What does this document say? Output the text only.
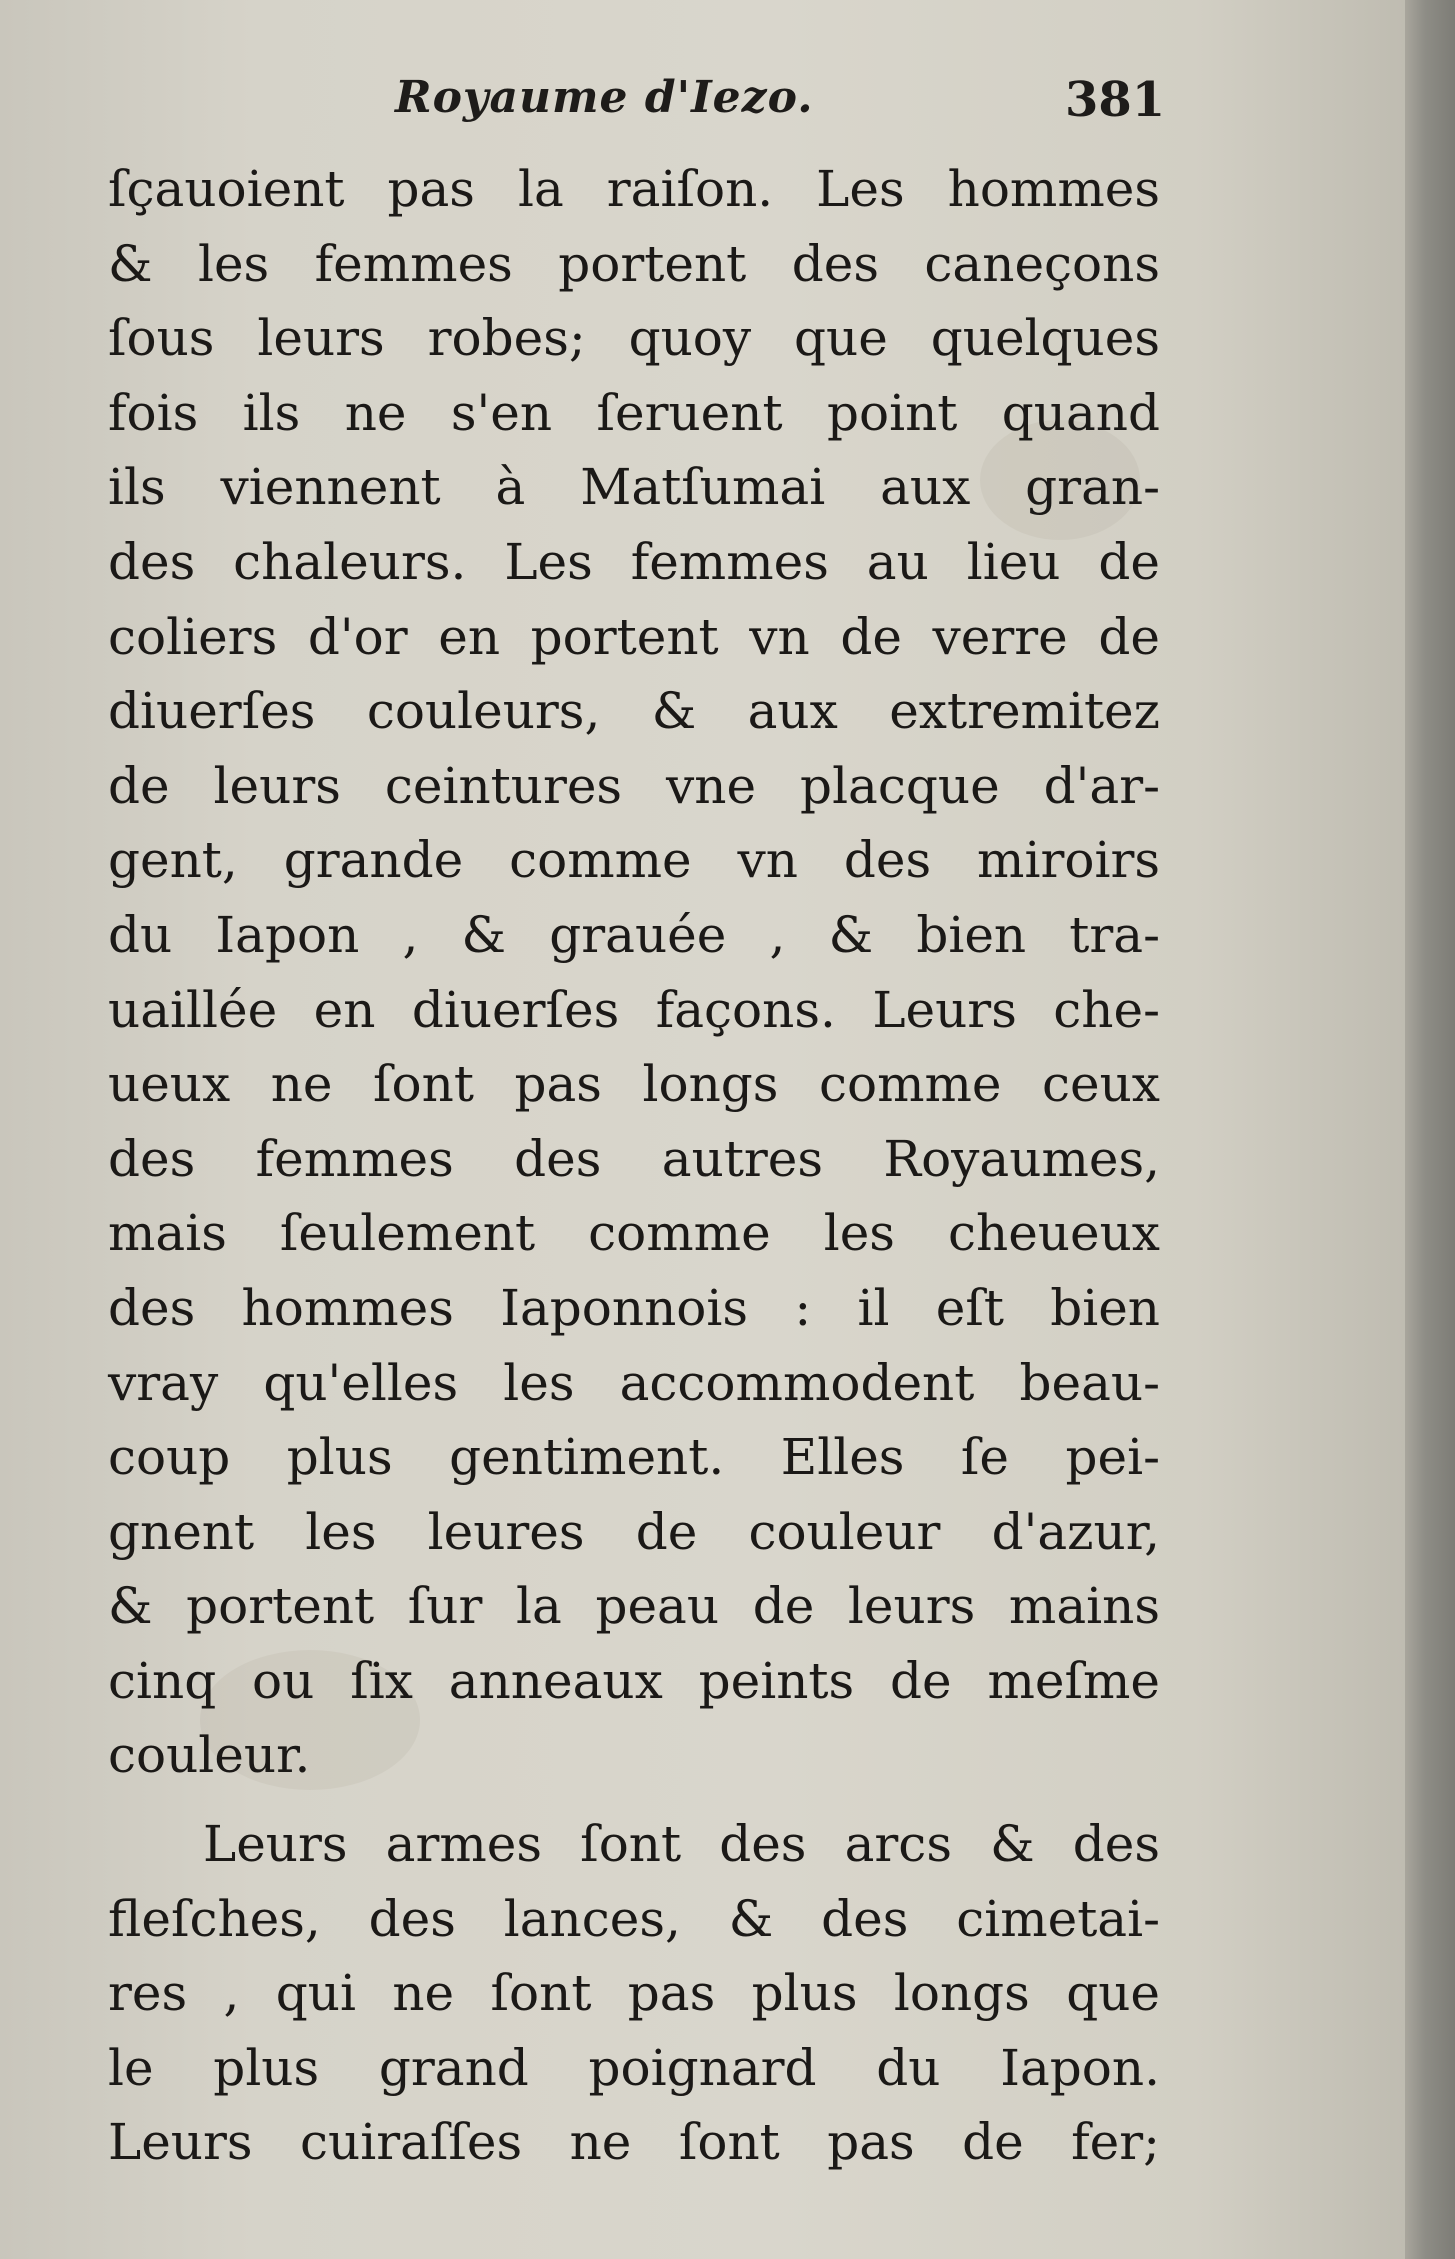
Royaume d'Iezo.	381
ſçauoient pas la raiſon. Les hommes
& les femmes portent des caneçons
ſous leurs robes; quoy que quelques
fois ils ne s'en ſeruent point quand
ils viennent à Matſumai aux gran-
des chaleurs. Les femmes au lieu de
coliers d'or en portent vn de verre de
diuerſes couleurs, & aux extremitez
de leurs ceintures vne placque d'ar-
gent, grande comme vn des miroirs
du Iapon , & grauée , & bien tra-
uaillée en diuerſes façons. Leurs che-
ueux ne ſont pas longs comme ceux
des femmes des autres Royaumes,
mais ſeulement comme les cheueux
des hommes Iaponnois : il eſt bien
vray qu'elles les accommodent beau-
coup plus gentiment. Elles ſe pei-
gnent les leures de couleur d'azur,
& portent ſur la peau de leurs mains
cinq ou ſix anneaux peints de meſme
couleur.
Leurs armes ſont des arcs & des
fleſches, des lances, & des cimetai-
res , qui ne ſont pas plus longs que
le plus grand poignard du Iapon.
Leurs cuiraſſes ne ſont pas de fer;
